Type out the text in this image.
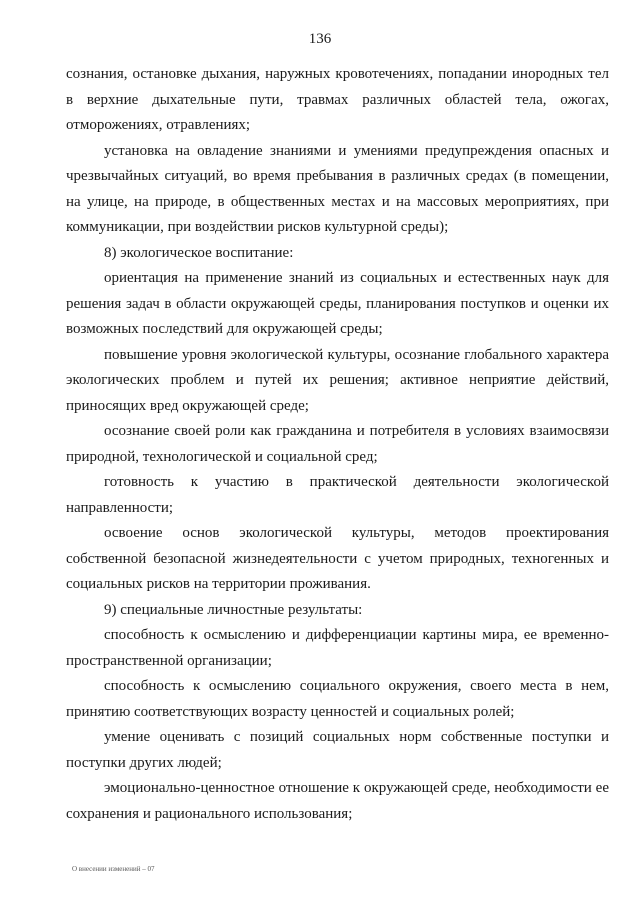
136

сознания, остановке дыхания, наружных кровотечениях, попадании инородных тел в верхние дыхательные пути, травмах различных областей тела, ожогах, отморожениях, отравлениях;

установка на овладение знаниями и умениями предупреждения опасных и чрезвычайных ситуаций, во время пребывания в различных средах (в помещении, на улице, на природе, в общественных местах и на массовых мероприятиях, при коммуникации, при воздействии рисков культурной среды);

8) экологическое воспитание:

ориентация на применение знаний из социальных и естественных наук для решения задач в области окружающей среды, планирования поступков и оценки их возможных последствий для окружающей среды;

повышение уровня экологической культуры, осознание глобального характера экологических проблем и путей их решения; активное неприятие действий, приносящих вред окружающей среде;

осознание своей роли как гражданина и потребителя в условиях взаимосвязи природной, технологической и социальной сред;

готовность к участию в практической деятельности экологической направленности;

освоение основ экологической культуры, методов проектирования собственной безопасной жизнедеятельности с учетом природных, техногенных и социальных рисков на территории проживания.

9) специальные личностные результаты:

способность к осмыслению и дифференциации картины мира, ее временно-пространственной организации;

способность к осмыслению социального окружения, своего места в нем, принятию соответствующих возрасту ценностей и социальных ролей;

умение оценивать с позиций социальных норм собственные поступки и поступки других людей;

эмоционально-ценностное отношение к окружающей среде, необходимости ее сохранения и рационального использования;

О внесении изменений – 07
